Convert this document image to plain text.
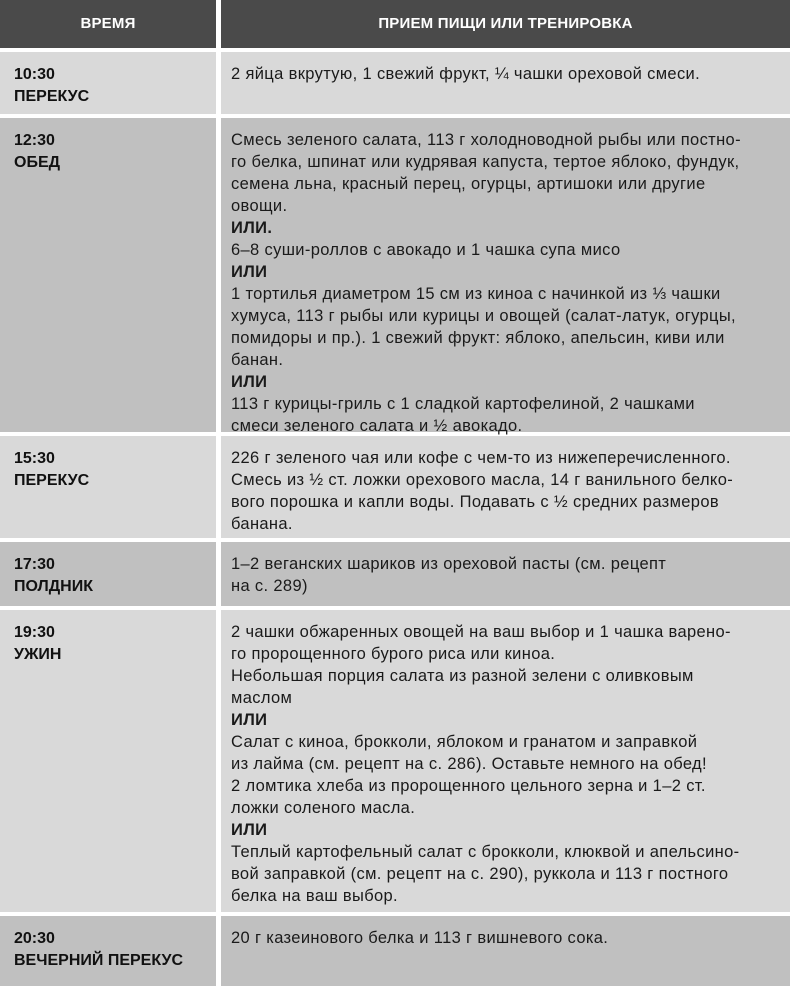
ВРЕМЯ	ПРИЕМ ПИЩИ ИЛИ ТРЕНИРОВКА
10:30
ПЕРЕКУС
2 яйца вкрутую, 1 свежий фрукт, ¼ чашки ореховой смеси.
12:30
ОБЕД
Смесь зеленого салата, 113 г холодноводной рыбы или постно-
го белка, шпинат или кудрявая капуста, тертое яблоко, фундук,
семена льна, красный перец, огурцы, артишоки или другие
овощи.
ИЛИ.
6–8 суши-роллов с авокадо и 1 чашка супа мисо
ИЛИ
1 тортилья диаметром 15 см из киноа с начинкой из ⅓ чашки
хумуса, 113 г рыбы или курицы и овощей (салат-латук, огурцы,
помидоры и пр.). 1 свежий фрукт: яблоко, апельсин, киви или
банан.
ИЛИ
113 г курицы-гриль с 1 сладкой картофелиной, 2 чашками
смеси зеленого салата и ½ авокадо.
15:30
ПЕРЕКУС
226 г зеленого чая или кофе с чем-то из нижеперечисленного.
Смесь из ½ ст. ложки орехового масла, 14 г ванильного белко-
вого порошка и капли воды. Подавать с ½ средних размеров
банана.
17:30
ПОЛДНИК
1–2 веганских шариков из ореховой пасты (см. рецепт
на с. 289)
19:30
УЖИН
2 чашки обжаренных овощей на ваш выбор и 1 чашка варено-
го пророщенного бурого риса или киноа.
Небольшая порция салата из разной зелени с оливковым
маслом
ИЛИ
Салат с киноа, брокколи, яблоком и гранатом и заправкой
из лайма (см. рецепт на с. 286). Оставьте немного на обед!
2 ломтика хлеба из пророщенного цельного зерна и 1–2 ст.
ложки соленого масла.
ИЛИ
Теплый картофельный салат с брокколи, клюквой и апельсино-
вой заправкой (см. рецепт на с. 290), руккола и 113 г постного
белка на ваш выбор.
20:30
ВЕЧЕРНИЙ ПЕРЕКУС
20 г казеинового белка и 113 г вишневого сока.
